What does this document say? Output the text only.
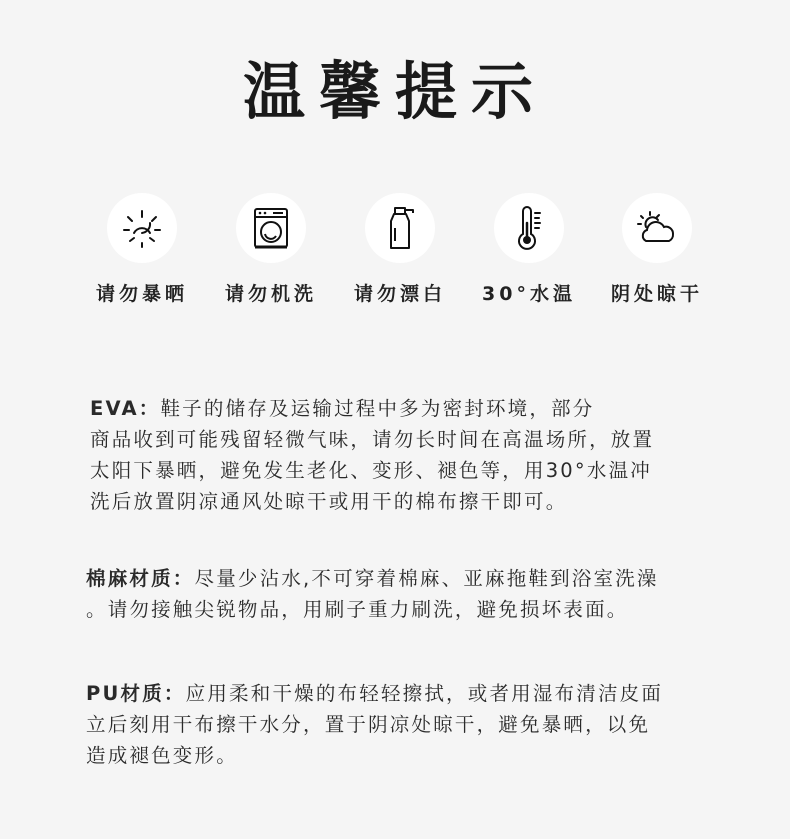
温馨提示
请勿暴晒	请勿机洗	请勿漂白	30°水温	阴处晾干
EVA：鞋子的储存及运输过程中多为密封环境，部分
商品收到可能残留轻微气味，请勿长时间在高温场所，放置
太阳下暴晒，避免发生老化、变形、褪色等，用30°水温冲
洗后放置阴凉通风处晾干或用干的棉布擦干即可。
棉麻材质：尽量少沾水,不可穿着棉麻、亚麻拖鞋到浴室洗澡
。请勿接触尖锐物品，用刷子重力刷洗，避免损坏表面。
PU材质：应用柔和干燥的布轻轻擦拭，或者用湿布清洁皮面
立后刻用干布擦干水分，置于阴凉处晾干，避免暴晒，以免
造成褪色变形。
